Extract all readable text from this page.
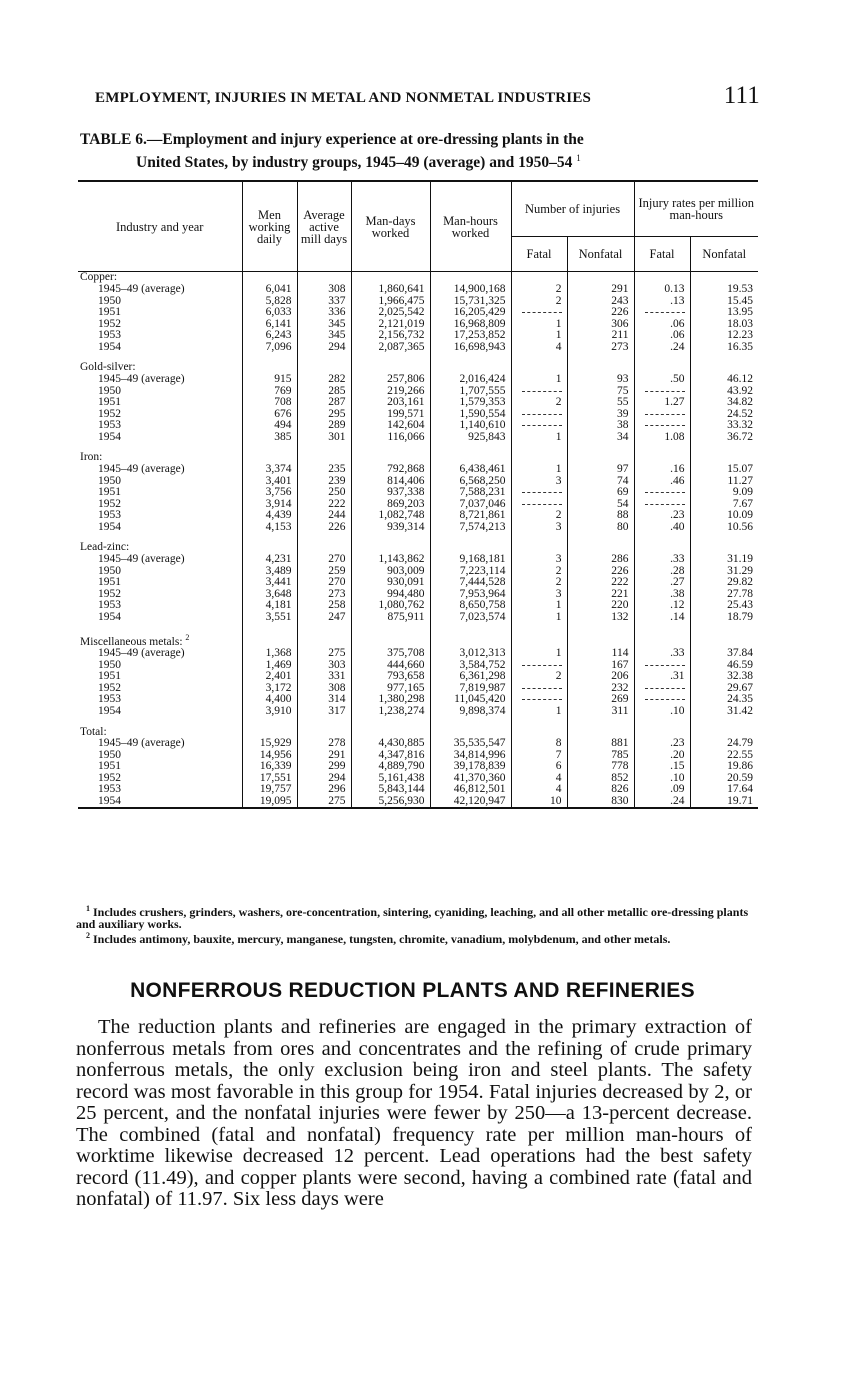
EMPLOYMENT, INJURIES IN METAL AND NONMETAL INDUSTRIES	111
TABLE 6.—Employment and injury experience at ore-dressing plants in the
United States, by industry groups, 1945–49 (average) and 1950–54 $^1$
Industry and year	Men working daily	Average active mill days	Man-days worked	Man-hours worked	Number of injuries		Injury rates per million man-hours	
					Fatal	Nonfatal	Fatal	Nonfatal
Copper:								
1945–49 (average)	6,041	308	1,860,641	14,900,168	2	291	0.13	19.53
1950	5,828	337	1,966,475	15,731,325	2	243	.13	15.45
1951	6,033	336	2,025,542	16,205,429		226		13.95
1952	6,141	345	2,121,019	16,968,809	1	306	.06	18.03
1953	6,243	345	2,156,732	17,253,852	1	211	.06	12.23
1954	7,096	294	2,087,365	16,698,943	4	273	.24	16.35

Gold-silver:								
1945–49 (average)	915	282	257,806	2,016,424	1	93	.50	46.12
1950	769	285	219,266	1,707,555		75		43.92
1951	708	287	203,161	1,579,353	2	55	1.27	34.82
1952	676	295	199,571	1,590,554		39		24.52
1953	494	289	142,604	1,140,610		38		33.32
1954	385	301	116,066	925,843	1	34	1.08	36.72

Iron:								
1945–49 (average)	3,374	235	792,868	6,438,461	1	97	.16	15.07
1950	3,401	239	814,406	6,568,250	3	74	.46	11.27
1951	3,756	250	937,338	7,588,231		69		9.09
1952	3,914	222	869,203	7,037,046		54		7.67
1953	4,439	244	1,082,748	8,721,861	2	88	.23	10.09
1954	4,153	226	939,314	7,574,213	3	80	.40	10.56

Lead-zinc:								
1945–49 (average)	4,231	270	1,143,862	9,168,181	3	286	.33	31.19
1950	3,489	259	903,009	7,223,114	2	226	.28	31.29
1951	3,441	270	930,091	7,444,528	2	222	.27	29.82
1952	3,648	273	994,480	7,953,964	3	221	.38	27.78
1953	4,181	258	1,080,762	8,650,758	1	220	.12	25.43
1954	3,551	247	875,911	7,023,574	1	132	.14	18.79

Miscellaneous metals: $^2$								
1945–49 (average)	1,368	275	375,708	3,012,313	1	114	.33	37.84
1950	1,469	303	444,660	3,584,752		167		46.59
1951	2,401	331	793,658	6,361,298	2	206	.31	32.38
1952	3,172	308	977,165	7,819,987		232		29.67
1953	4,400	314	1,380,298	11,045,420		269		24.35
1954	3,910	317	1,238,274	9,898,374	1	311	.10	31.42

Total:								
1945–49 (average)	15,929	278	4,430,885	35,535,547	8	881	.23	24.79
1950	14,956	291	4,347,816	34,814,996	7	785	.20	22.55
1951	16,339	299	4,889,790	39,178,839	6	778	.15	19.86
1952	17,551	294	5,161,438	41,370,360	4	852	.10	20.59
1953	19,757	296	5,843,144	46,812,501	4	826	.09	17.64
1954	19,095	275	5,256,930	42,120,947	10	830	.24	19.71

$^1$ Includes crushers, grinders, washers, ore-concentration, sintering, cyaniding, leaching, and all other metallic ore-dressing plants and auxiliary works.

$^2$ Includes antimony, bauxite, mercury, manganese, tungsten, chromite, vanadium, molybdenum, and other metals.

NONFERROUS REDUCTION PLANTS AND REFINERIES

The reduction plants and refineries are engaged in the primary extraction of nonferrous metals from ores and concentrates and the refining of crude primary nonferrous metals, the only exclusion being iron and steel plants. The safety record was most favorable in this group for 1954. Fatal injuries decreased by 2, or 25 percent, and the nonfatal injuries were fewer by 250—a 13-percent decrease. The combined (fatal and nonfatal) frequency rate per million man-hours of worktime likewise decreased 12 percent. Lead operations had the best safety record (11.49), and copper plants were second, having a combined rate (fatal and nonfatal) of 11.97. Six less days were
